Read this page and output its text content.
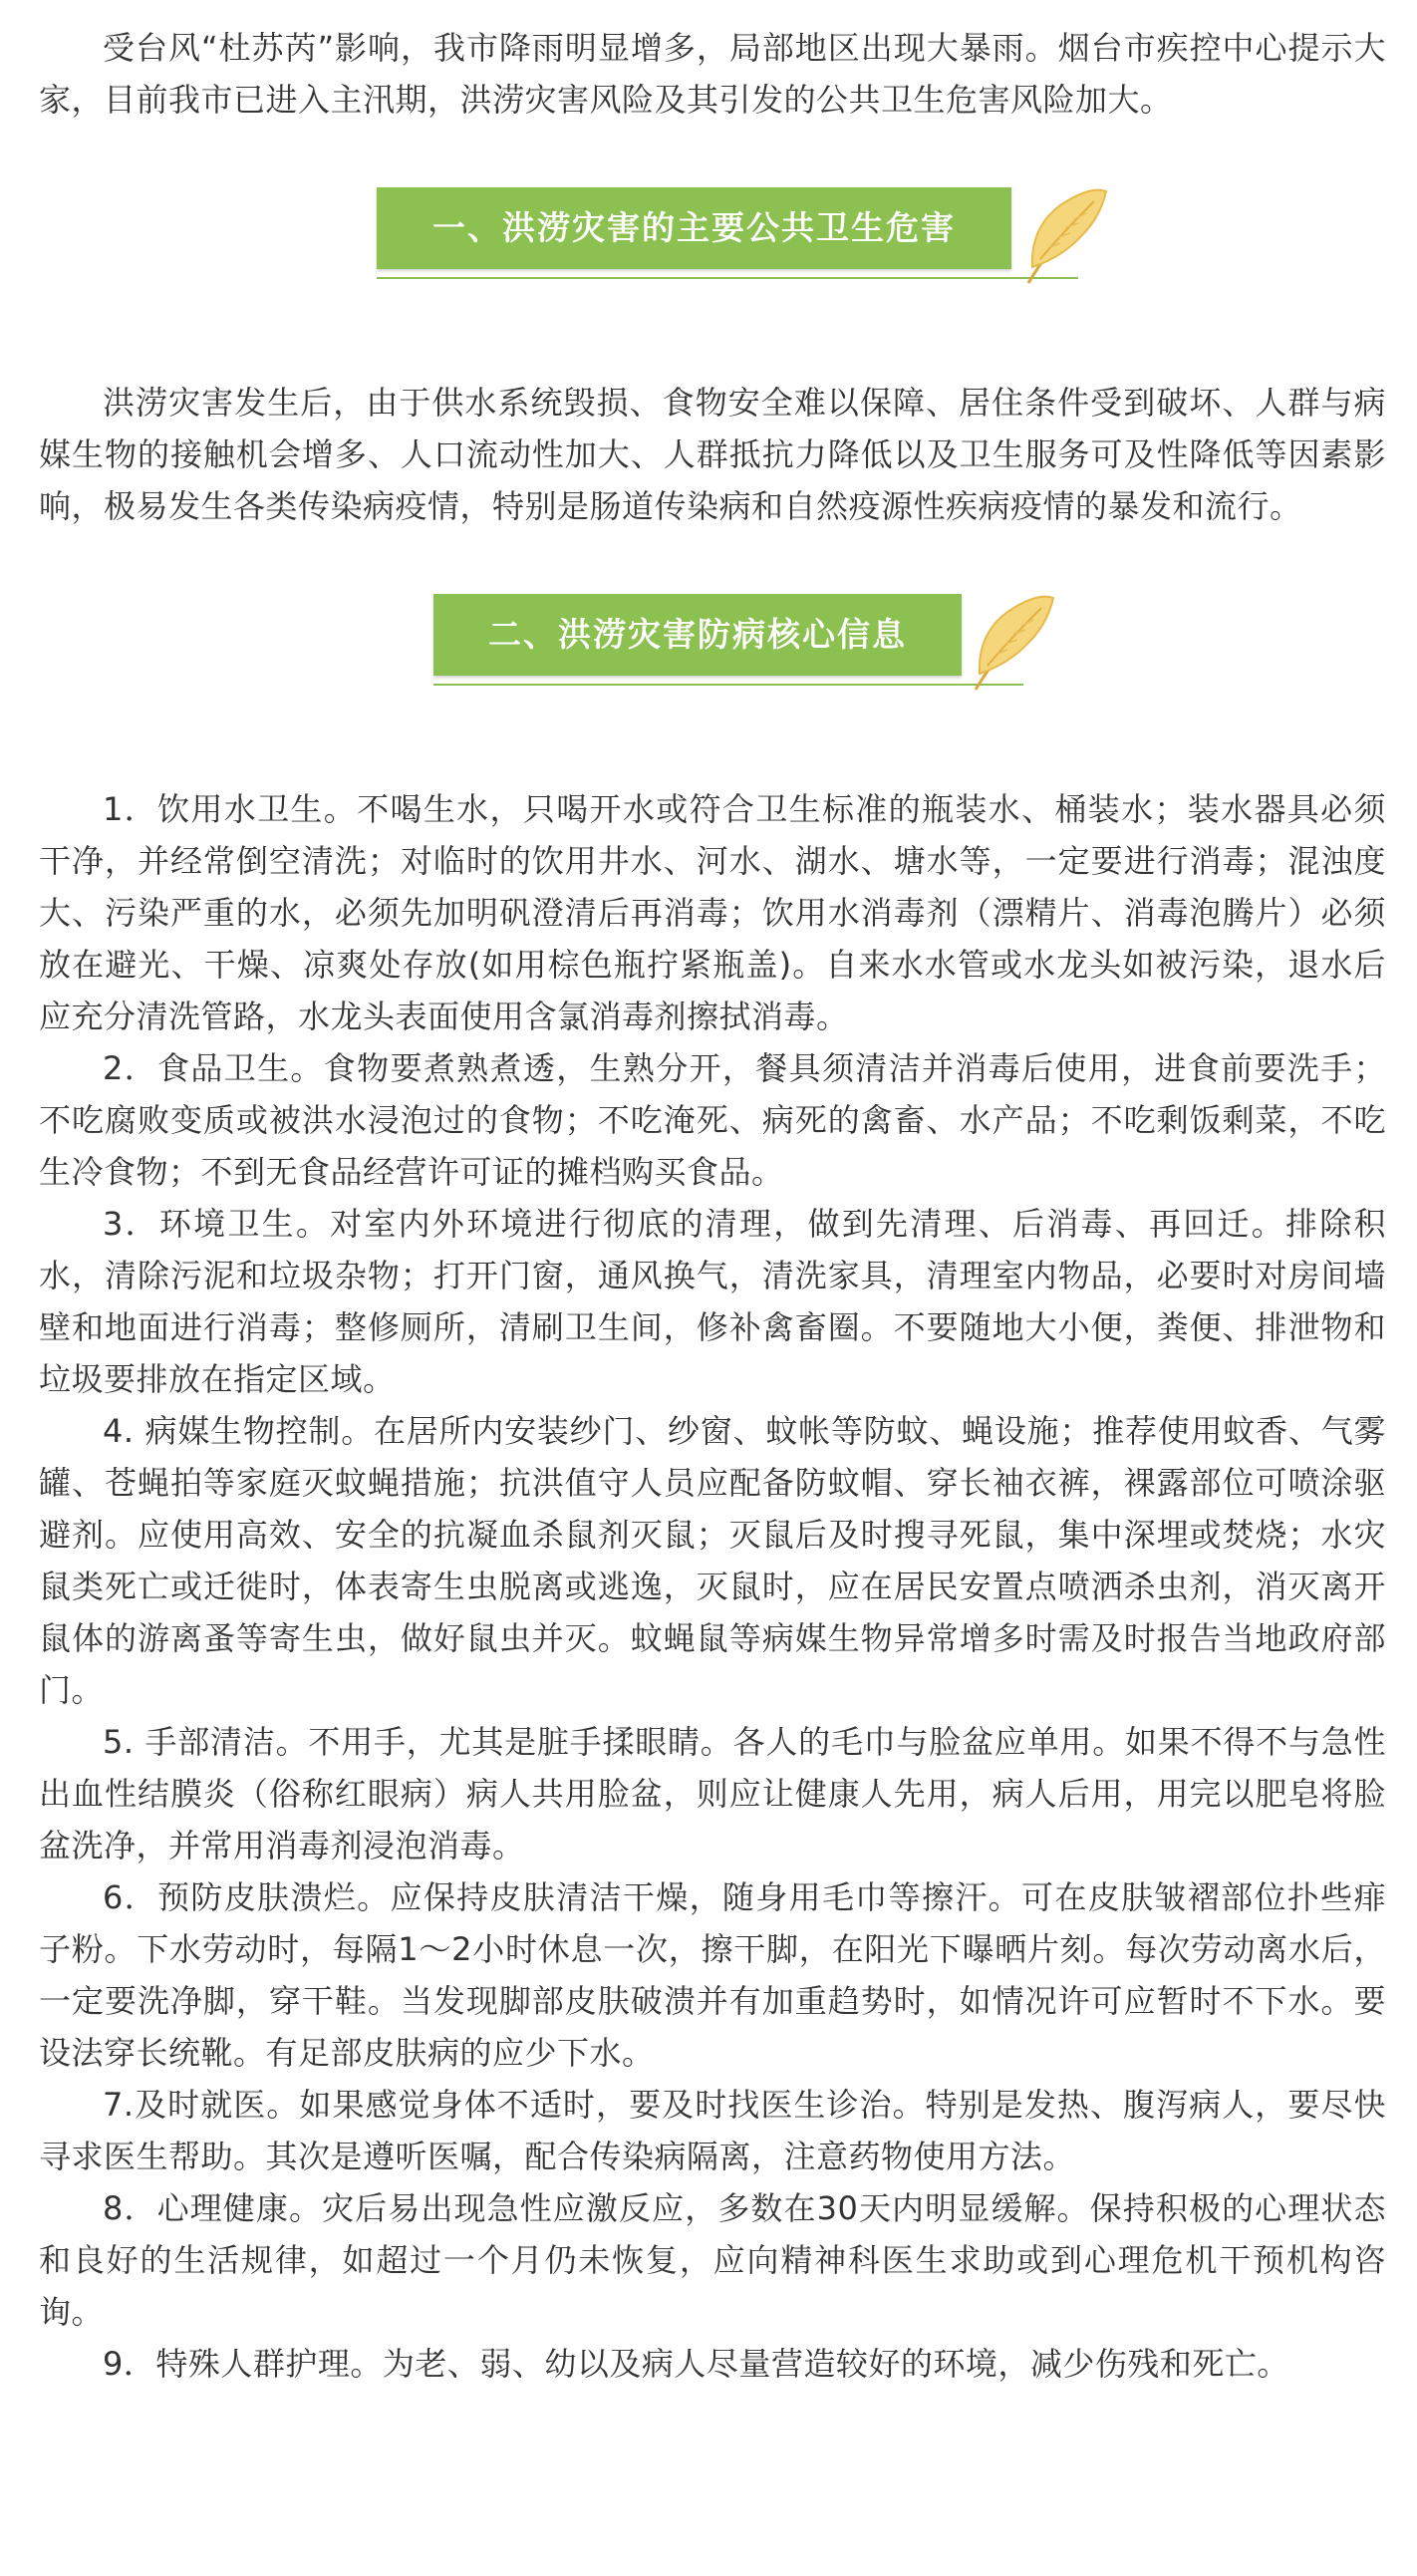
受台风“杜苏芮”影响，我市降雨明显增多，局部地区出现大暴雨。烟台市疾控中心提示大家，目前我市已进入主汛期，洪涝灾害风险及其引发的公共卫生危害风险加大。

一、洪涝灾害的主要公共卫生危害

洪涝灾害发生后，由于供水系统毁损、食物安全难以保障、居住条件受到破坏、人群与病媒生物的接触机会增多、人口流动性加大、人群抵抗力降低以及卫生服务可及性降低等因素影响，极易发生各类传染病疫情，特别是肠道传染病和自然疫源性疾病疫情的暴发和流行。

二、洪涝灾害防病核心信息

1．饮用水卫生。不喝生水，只喝开水或符合卫生标准的瓶装水、桶装水；装水器具必须干净，并经常倒空清洗；对临时的饮用井水、河水、湖水、塘水等，一定要进行消毒；混浊度大、污染严重的水，必须先加明矾澄清后再消毒；饮用水消毒剂（漂精片、消毒泡腾片）必须放在避光、干燥、凉爽处存放(如用棕色瓶拧紧瓶盖)。自来水水管或水龙头如被污染，退水后应充分清洗管路，水龙头表面使用含氯消毒剂擦拭消毒。

2．食品卫生。食物要煮熟煮透，生熟分开，餐具须清洁并消毒后使用，进食前要洗手；不吃腐败变质或被洪水浸泡过的食物；不吃淹死、病死的禽畜、水产品；不吃剩饭剩菜，不吃生冷食物；不到无食品经营许可证的摊档购买食品。

3．环境卫生。对室内外环境进行彻底的清理，做到先清理、后消毒、再回迁。排除积水，清除污泥和垃圾杂物；打开门窗，通风换气，清洗家具，清理室内物品，必要时对房间墙壁和地面进行消毒；整修厕所，清刷卫生间，修补禽畜圈。不要随地大小便，粪便、排泄物和垃圾要排放在指定区域。

4. 病媒生物控制。在居所内安装纱门、纱窗、蚊帐等防蚊、蝇设施；推荐使用蚊香、气雾罐、苍蝇拍等家庭灭蚊蝇措施；抗洪值守人员应配备防蚊帽、穿长袖衣裤，裸露部位可喷涂驱避剂。应使用高效、安全的抗凝血杀鼠剂灭鼠；灭鼠后及时搜寻死鼠，集中深埋或焚烧；水灾鼠类死亡或迁徙时，体表寄生虫脱离或逃逸，灭鼠时，应在居民安置点喷洒杀虫剂，消灭离开鼠体的游离蚤等寄生虫，做好鼠虫并灭。蚊蝇鼠等病媒生物异常增多时需及时报告当地政府部门。

5. 手部清洁。不用手，尤其是脏手揉眼睛。各人的毛巾与脸盆应单用。如果不得不与急性出血性结膜炎（俗称红眼病）病人共用脸盆，则应让健康人先用，病人后用，用完以肥皂将脸盆洗净，并常用消毒剂浸泡消毒。

6．预防皮肤溃烂。应保持皮肤清洁干燥，随身用毛巾等擦汗。可在皮肤皱褶部位扑些痱子粉。下水劳动时，每隔1～2小时休息一次，擦干脚，在阳光下曝晒片刻。每次劳动离水后，一定要洗净脚，穿干鞋。当发现脚部皮肤破溃并有加重趋势时，如情况许可应暂时不下水。要设法穿长统靴。有足部皮肤病的应少下水。

7.及时就医。如果感觉身体不适时，要及时找医生诊治。特别是发热、腹泻病人，要尽快寻求医生帮助。其次是遵听医嘱，配合传染病隔离，注意药物使用方法。

8．心理健康。灾后易出现急性应激反应，多数在30天内明显缓解。保持积极的心理状态和良好的生活规律，如超过一个月仍未恢复，应向精神科医生求助或到心理危机干预机构咨询。

9．特殊人群护理。为老、弱、幼以及病人尽量营造较好的环境，减少伤残和死亡。
